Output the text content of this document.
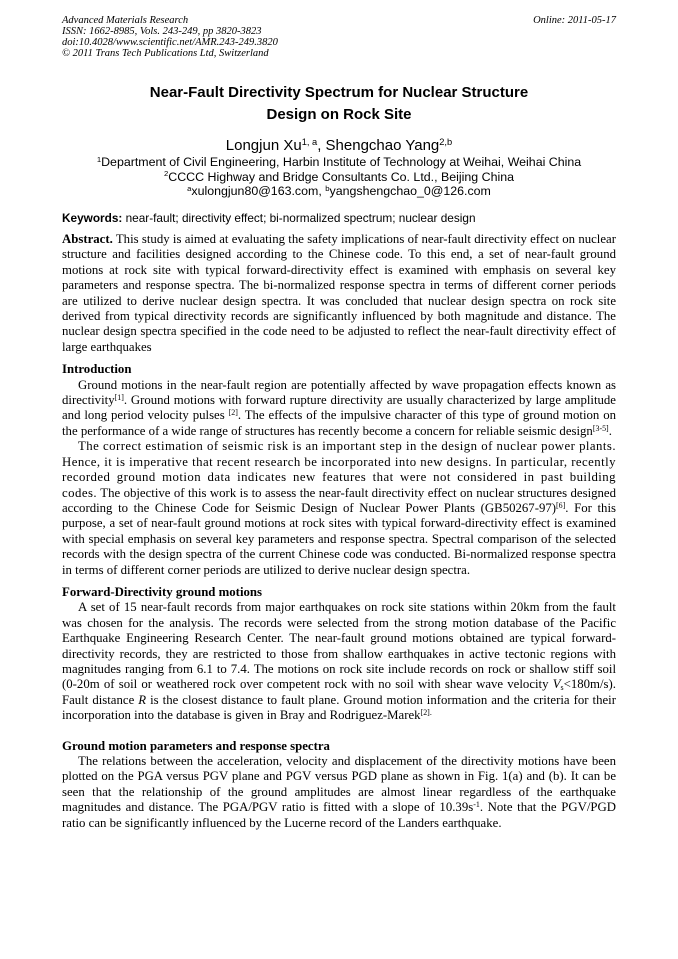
Advanced Materials Research
ISSN: 1662-8985, Vols. 243-249, pp 3820-3823
doi:10.4028/www.scientific.net/AMR.243-249.3820
© 2011 Trans Tech Publications Ltd, Switzerland
Online: 2011-05-17
Near-Fault Directivity Spectrum for Nuclear Structure
Design on Rock Site
Longjun Xu$^{1, a}$, Shengchao Yang$^{2,b}$
$^1$Department of Civil Engineering, Harbin Institute of Technology at Weihai, Weihai China
$^2$CCCC Highway and Bridge Consultants Co. Ltd., Beijing China
$^a$xulongjun80@163.com, $^b$yangshengchao_0@126.com
Keywords: near-fault; directivity effect; bi-normalized spectrum; nuclear design

Abstract. This study is aimed at evaluating the safety implications of near-fault directivity effect on nuclear structure and facilities designed according to the Chinese code. To this end, a set of near-fault ground motions at rock site with typical forward-directivity effect is examined with emphasis on several key parameters and response spectra. The bi-normalized response spectra in terms of different corner periods are utilized to derive nuclear design spectra. It was concluded that nuclear design spectra on rock site derived from typical directivity records are significantly influenced by both magnitude and distance. The nuclear design spectra specified in the code need to be adjusted to reflect the near-fault directivity effect of large earthquakes

Introduction

Ground motions in the near-fault region are potentially affected by wave propagation effects known as directivity[1]. Ground motions with forward rupture directivity are usually characterized by large amplitude and long period velocity pulses [2]. The effects of the impulsive character of this type of ground motion on the performance of a wide range of structures has recently become a concern for reliable seismic design[3-5].

The correct estimation of seismic risk is an important step in the design of nuclear power plants. Hence, it is imperative that recent research be incorporated into new designs. In particular, recently recorded ground motion data indicates new features that were not considered in past building codes. The objective of this work is to assess the near-fault directivity effect on nuclear structures designed according to the Chinese Code for Seismic Design of Nuclear Power Plants (GB50267-97)[6]. For this purpose, a set of near-fault ground motions at rock sites with typical forward-directivity effect is examined with special emphasis on several key parameters and response spectra. Spectral comparison of the selected records with the design spectra of the current Chinese code was conducted. Bi-normalized response spectra in terms of different corner periods are utilized to derive nuclear design spectra.

Forward-Directivity ground motions

A set of 15 near-fault records from major earthquakes on rock site stations within 20km from the fault was chosen for the analysis. The records were selected from the strong motion database of the Pacific Earthquake Engineering Research Center. The near-fault ground motions obtained are typical forward-directivity records, they are restricted to those from shallow earthquakes in active tectonic regions with magnitudes ranging from 6.1 to 7.4. The motions on rock site include records on rock or shallow stiff soil (0-20m of soil or weathered rock over competent rock with no soil with shear wave velocity $V_s<180m/s$). Fault distance R is the closest distance to fault plane. Ground motion information and the criteria for their incorporation into the database is given in Bray and Rodriguez-Marek$^{[2].}$

Ground motion parameters and response spectra

The relations between the acceleration, velocity and displacement of the directivity motions have been plotted on the PGA versus PGV plane and PGV versus PGD plane as shown in Fig. 1(a) and (b). It can be seen that the relationship of the ground amplitudes are almost linear regardless of the earthquake magnitudes and distance. The PGA/PGV ratio is fitted with a slope of $10.39s^{-1}$. Note that the PGV/PGD ratio can be significantly influenced by the Lucerne record of the Landers earthquake.
